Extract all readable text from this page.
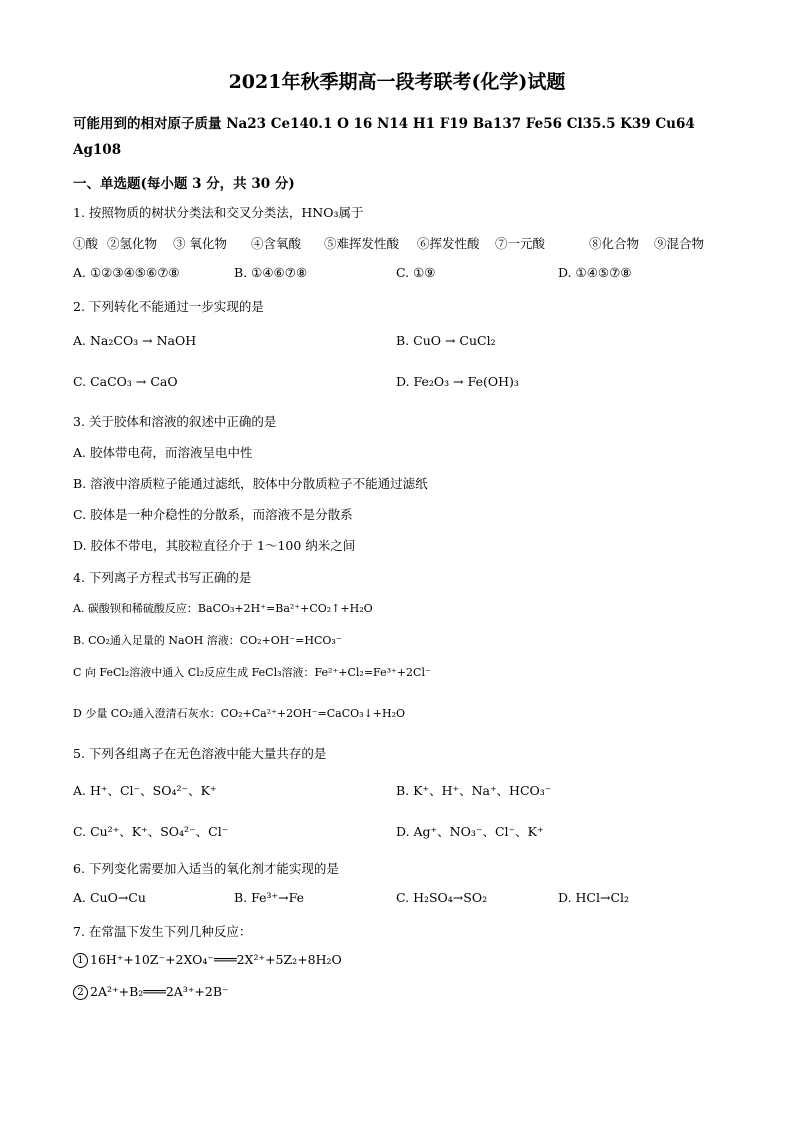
2021年秋季期高一段考联考(化学)试题
可能用到的相对原子质量 Na23 Ce140.1 O 16 N14 H1 F19 Ba137 Fe56 Cl35.5 K39 Cu64
Ag108
一、单选题(每小题 3 分，共 30 分)
1. 按照物质的树状分类法和交叉分类法，HNO₃属于
①酸 ②氢化物 ③ 氧化物 ④含氧酸 ⑤难挥发性酸 ⑥挥发性酸 ⑦一元酸	⑧化合物 ⑨混合物
A. ①②③④⑤⑥⑦⑧	B. ①④⑥⑦⑧	C. ①⑨	D. ①④⑤⑦⑧
2. 下列转化不能通过一步实现的是
A. Na₂CO₃ → NaOH	B. CuO → CuCl₂
C. CaCO₃ → CaO	D. Fe₂O₃ → Fe(OH)₃
3. 关于胶体和溶液的叙述中正确的是
A. 胶体带电荷，而溶液呈电中性
B. 溶液中溶质粒子能通过滤纸，胶体中分散质粒子不能通过滤纸
C. 胶体是一种介稳性的分散系，而溶液不是分散系
D. 胶体不带电，其胶粒直径介于 1～100 纳米之间
4. 下列离子方程式书写正确的是
A. 碳酸钡和稀硫酸反应：BaCO₃+2H⁺=Ba²⁺+CO₂↑+H₂O
B. CO₂通入足量的 NaOH 溶液：CO₂+OH⁻=HCO₃⁻
C 向 FeCl₂溶液中通入 Cl₂反应生成 FeCl₃溶液：Fe²⁺+Cl₂=Fe³⁺+2Cl⁻
D 少量 CO₂通入澄清石灰水：CO₂+Ca²⁺+2OH⁻=CaCO₃↓+H₂O
5. 下列各组离子在无色溶液中能大量共存的是
A. H⁺、Cl⁻、SO₄²⁻、K⁺	B. K⁺、H⁺、Na⁺、HCO₃⁻
C. Cu²⁺、K⁺、SO₄²⁻、Cl⁻	D. Ag⁺、NO₃⁻、Cl⁻、K⁺
6. 下列变化需要加入适当的氧化剂才能实现的是
A. CuO→Cu	B. Fe³⁺→Fe	C. H₂SO₄→SO₂	D. HCl→Cl₂
7. 在常温下发生下列几种反应：
1 16H⁺+10Z⁻+2XO₄⁻═══2X²⁺+5Z₂+8H₂O
2 2A²⁺+B₂═══2A³⁺+2B⁻
